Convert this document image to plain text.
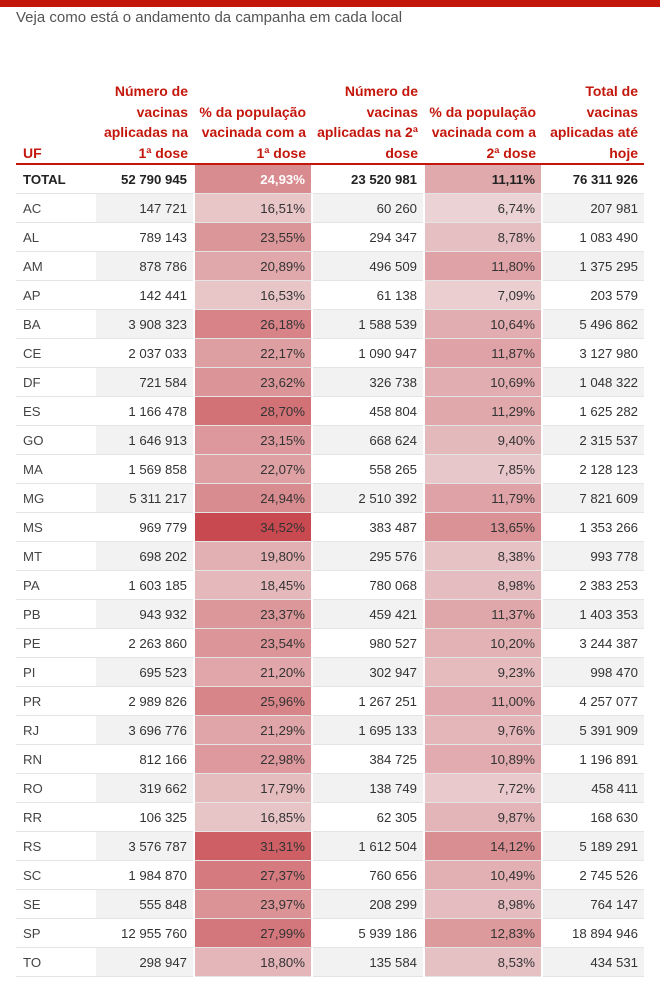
Veja como está o andamento da campanha em cada local
UF	Número de vacinas aplicadas na 1ª dose	% da população vacinada com a 1ª dose	Número de vacinas aplicadas na 2ª dose	% da população vacinada com a 2ª dose	Total de vacinas aplicadas até hoje
TOTAL	52 790 945	24,93%	23 520 981	11,11%	76 311 926
AC	147 721	16,51%	60 260	6,74%	207 981
AL	789 143	23,55%	294 347	8,78%	1 083 490
AM	878 786	20,89%	496 509	11,80%	1 375 295
AP	142 441	16,53%	61 138	7,09%	203 579
BA	3 908 323	26,18%	1 588 539	10,64%	5 496 862
CE	2 037 033	22,17%	1 090 947	11,87%	3 127 980
DF	721 584	23,62%	326 738	10,69%	1 048 322
ES	1 166 478	28,70%	458 804	11,29%	1 625 282
GO	1 646 913	23,15%	668 624	9,40%	2 315 537
MA	1 569 858	22,07%	558 265	7,85%	2 128 123
MG	5 311 217	24,94%	2 510 392	11,79%	7 821 609
MS	969 779	34,52%	383 487	13,65%	1 353 266
MT	698 202	19,80%	295 576	8,38%	993 778
PA	1 603 185	18,45%	780 068	8,98%	2 383 253
PB	943 932	23,37%	459 421	11,37%	1 403 353
PE	2 263 860	23,54%	980 527	10,20%	3 244 387
PI	695 523	21,20%	302 947	9,23%	998 470
PR	2 989 826	25,96%	1 267 251	11,00%	4 257 077
RJ	3 696 776	21,29%	1 695 133	9,76%	5 391 909
RN	812 166	22,98%	384 725	10,89%	1 196 891
RO	319 662	17,79%	138 749	7,72%	458 411
RR	106 325	16,85%	62 305	9,87%	168 630
RS	3 576 787	31,31%	1 612 504	14,12%	5 189 291
SC	1 984 870	27,37%	760 656	10,49%	2 745 526
SE	555 848	23,97%	208 299	8,98%	764 147
SP	12 955 760	27,99%	5 939 186	12,83%	18 894 946
TO	298 947	18,80%	135 584	8,53%	434 531
